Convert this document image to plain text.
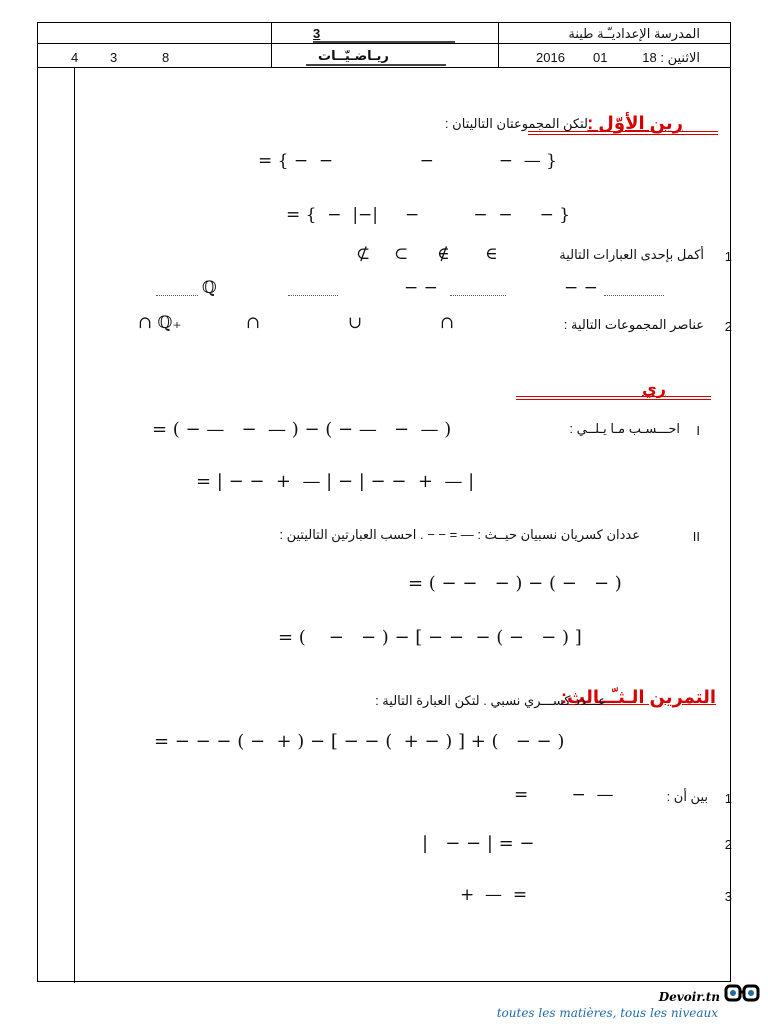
المدرسة الإعداديـّـة طينة
3
الاثنين : 18
01
2016
ريـاضـيّــات
8
3
4
رين الأوّل :
لتكن المجموعتان التاليتان :
= { −  −                −            −  — }
= {  −  |−|     −          −  −     − }
1
أكمل بإحدى العبارات التالية
∈
∉
⊂
⊄
ℚ	− −	− −
2
عناصر المجموعات التالية :
∩
∪
∩
∩ ℚ₊
ري
I
احـــسـب مـا يـلــي :
= ( − —   −  — ) − ( − —   −  — )
= | − −  +  — | − | − −  +  — |
II
عددان كسريان نسبيان حيــث : — = − − . احسب العبارتين التاليتين :
= ( − −   − ) − ( −   − )
= (    −   − ) − [ − −  − ( −   − ) ]
التمرين الـثـّــالث:
عـــدد كســـري نسبي . لتكن العبارة التالية :
= − − − ( −  + ) − [ − − (  + − ) ] + (   − − )
1
بين أن :
=        −  —
2
|   − − | = −
3
+  —  =
Devoir.tn
toutes les matières, tous les niveaux
